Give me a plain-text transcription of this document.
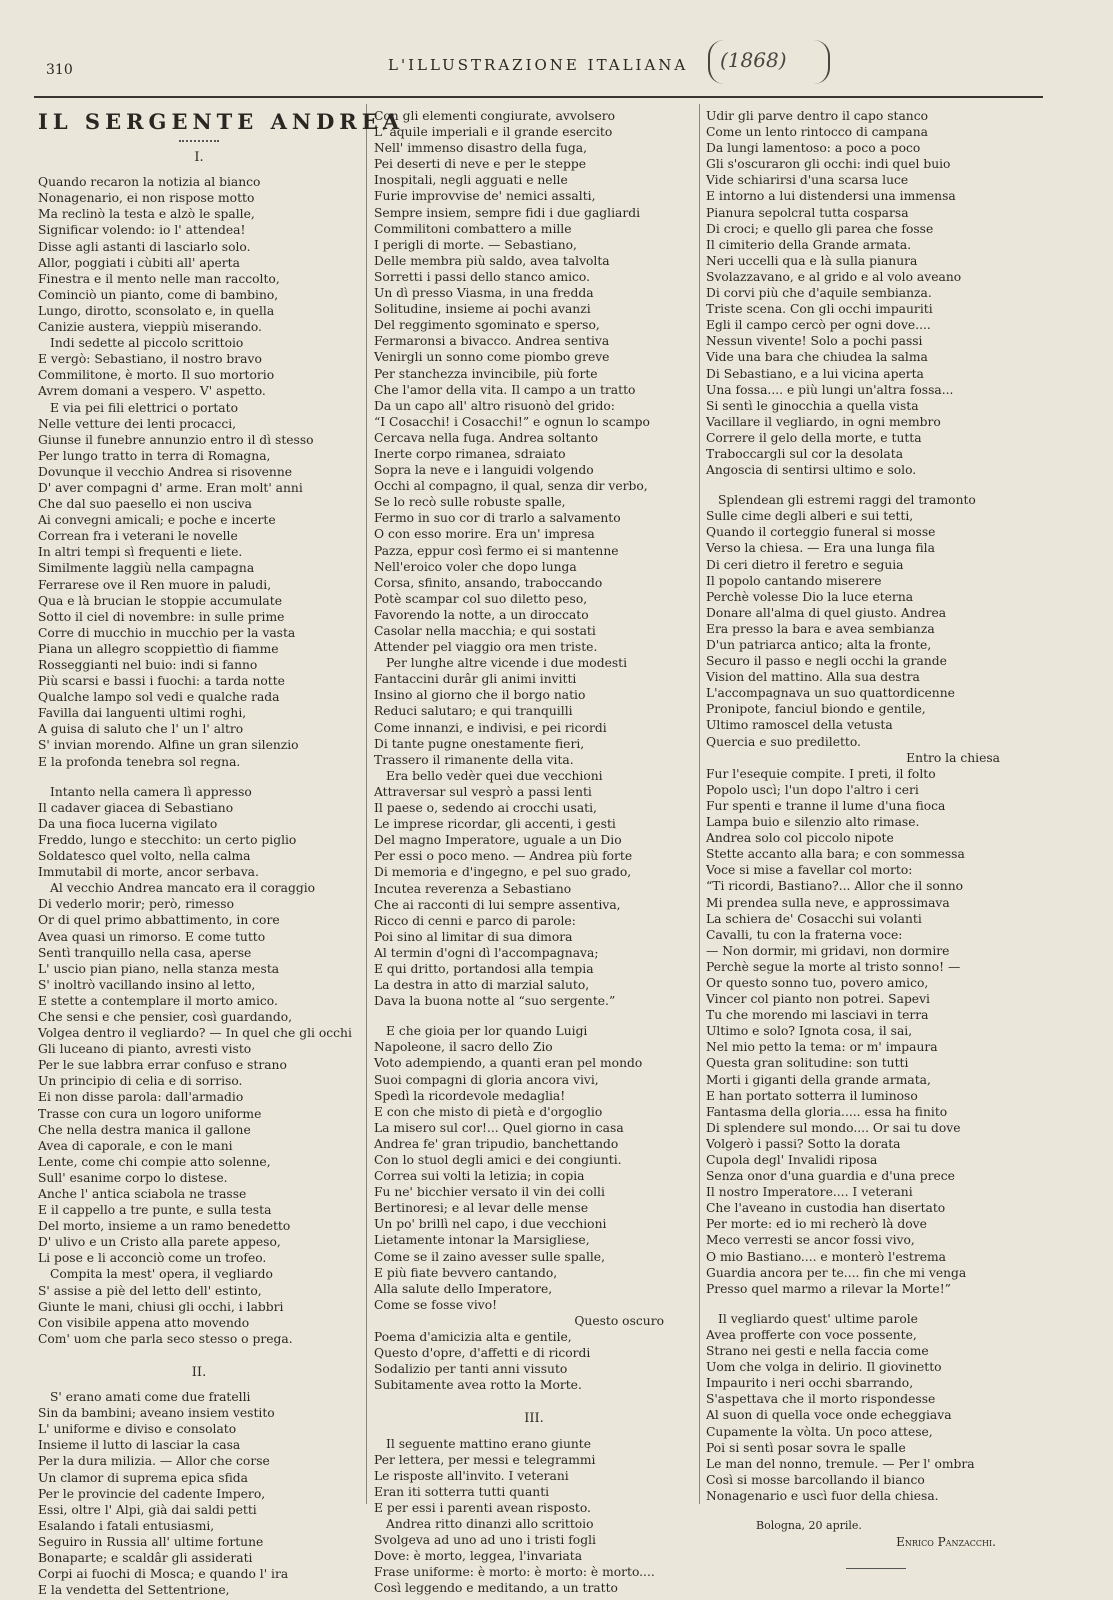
310	L'ILLUSTRAZIONE ITALIANA (1868)
IL SERGENTE ANDREA
I.

Quando recaron la notizia al bianco

Nonagenario, ei non rispose motto

Ma reclinò la testa e alzò le spalle,

Significar volendo: io l' attendea!

Disse agli astanti di lasciarlo solo.

Allor, poggiati i cùbiti all' aperta

Finestra e il mento nelle man raccolto,

Cominciò un pianto, come di bambino,

Lungo, dirotto, sconsolato e, in quella

Canizie austera, vieppiù miserando.

Indi sedette al piccolo scrittoio

E vergò: Sebastiano, il nostro bravo

Commilitone, è morto. Il suo mortorio

Avrem domani a vespero. V' aspetto.

E via pei fili elettrici o portato

Nelle vetture dei lenti procacci,

Giunse il funebre annunzio entro il dì stesso

Per lungo tratto in terra di Romagna,

Dovunque il vecchio Andrea si risovenne

D' aver compagni d' arme. Eran molt' anni

Che dal suo paesello ei non usciva

Ai convegni amicali; e poche e incerte

Correan fra i veterani le novelle

In altri tempi sì frequenti e liete.

Similmente laggiù nella campagna

Ferrarese ove il Ren muore in paludi,

Qua e là brucian le stoppie accumulate

Sotto il ciel di novembre: in sulle prime

Corre di mucchio in mucchio per la vasta

Piana un allegro scoppiettìo di fiamme

Rosseggianti nel buio: indi si fanno

Più scarsi e bassi i fuochi: a tarda notte

Qualche lampo sol vedi e qualche rada

Favilla dai languenti ultimi roghi,

A guisa di saluto che l' un l' altro

S' invian morendo. Alfine un gran silenzio

E la profonda tenebra sol regna.

Intanto nella camera lì appresso

Il cadaver giacea di Sebastiano

Da una fioca lucerna vigilato

Freddo, lungo e stecchito: un certo piglio

Soldatesco quel volto, nella calma

Immutabil di morte, ancor serbava.

Al vecchio Andrea mancato era il coraggio

Di vederlo morir; però, rimesso

Or di quel primo abbattimento, in core

Avea quasi un rimorso. E come tutto

Sentì tranquillo nella casa, aperse

L' uscio pian piano, nella stanza mesta

S' inoltrò vacillando insino al letto,

E stette a contemplare il morto amico.

Che sensi e che pensier, così guardando,

Volgea dentro il vegliardo? — In quel che gli occhi

Gli luceano di pianto, avresti visto

Per le sue labbra errar confuso e strano

Un principio di celia e di sorriso.

Ei non disse parola: dall'armadio

Trasse con cura un logoro uniforme

Che nella destra manica il gallone

Avea di caporale, e con le mani

Lente, come chi compie atto solenne,

Sull' esanime corpo lo distese.

Anche l' antica sciabola ne trasse

E il cappello a tre punte, e sulla testa

Del morto, insieme a un ramo benedetto

D' ulivo e un Cristo alla parete appeso,

Li pose e li acconciò come un trofeo.

Compita la mest' opera, il vegliardo

S' assise a piè del letto dell' estinto,

Giunte le mani, chiusi gli occhi, i labbri

Con visibile appena atto movendo

Com' uom che parla seco stesso o prega.

II.

S' erano amati come due fratelli

Sin da bambini; aveano insiem vestito

L' uniforme e diviso e consolato

Insieme il lutto di lasciar la casa

Per la dura milizia. — Allor che corse

Un clamor di suprema epica sfida

Per le provincie del cadente Impero,

Essi, oltre l' Alpi, già dai saldi petti

Esalando i fatali entusiasmi,

Seguiro in Russia all' ultime fortune

Bonaparte; e scaldâr gli assiderati

Corpi ai fuochi di Mosca; e quando l' ira

E la vendetta del Settentrione,

Con gli elementi congiurate, avvolsero

L' aquile imperiali e il grande esercito

Nell' immenso disastro della fuga,

Pei deserti di neve e per le steppe

Inospitali, negli agguati e nelle

Furie improvvise de' nemici assalti,

Sempre insiem, sempre fidi i due gagliardi

Commilitoni combattero a mille

I perigli di morte. — Sebastiano,

Delle membra più saldo, avea talvolta

Sorretti i passi dello stanco amico.

Un dì presso Viasma, in una fredda

Solitudine, insieme ai pochi avanzi

Del reggimento sgominato e sperso,

Fermaronsi a bivacco. Andrea sentiva

Venirgli un sonno come piombo greve

Per stanchezza invincibile, più forte

Che l'amor della vita. Il campo a un tratto

Da un capo all' altro risuonò del grido:

“I Cosacchi! i Cosacchi!” e ognun lo scampo

Cercava nella fuga. Andrea soltanto

Inerte corpo rimanea, sdraiato

Sopra la neve e i languidi volgendo

Occhi al compagno, il qual, senza dir verbo,

Se lo recò sulle robuste spalle,

Fermo in suo cor di trarlo a salvamento

O con esso morire. Era un' impresa

Pazza, eppur così fermo ei si mantenne

Nell'eroico voler che dopo lunga

Corsa, sfinito, ansando, traboccando

Potè scampar col suo diletto peso,

Favorendo la notte, a un diroccato

Casolar nella macchia; e qui sostati

Attender pel viaggio ora men triste.

Per lunghe altre vicende i due modesti

Fantaccini durâr gli animi invitti

Insino al giorno che il borgo natio

Reduci salutaro; e qui tranquilli

Come innanzi, e indivisi, e pei ricordi

Di tante pugne onestamente fieri,

Trassero il rimanente della vita.

Era bello vedèr quei due vecchioni

Attraversar sul vesprò a passi lenti

Il paese o, sedendo ai crocchi usati,

Le imprese ricordar, gli accenti, i gesti

Del magno Imperatore, uguale a un Dio

Per essi o poco meno. — Andrea più forte

Di memoria e d'ingegno, e pel suo grado,

Incutea reverenza a Sebastiano

Che ai racconti di lui sempre assentiva,

Ricco di cenni e parco di parole:

Poi sino al limitar di sua dimora

Al termin d'ogni dì l'accompagnava;

E qui dritto, portandosi alla tempia

La destra in atto di marzial saluto,

Dava la buona notte al “suo sergente.”

E che gioia per lor quando Luigi

Napoleone, il sacro dello Zio

Voto adempiendo, a quanti eran pel mondo

Suoi compagni di gloria ancora vivi,

Spedì la ricordevole medaglia!

E con che misto di pietà e d'orgoglio

La misero sul cor!... Quel giorno in casa

Andrea fe' gran tripudio, banchettando

Con lo stuol degli amici e dei congiunti.

Correa sui volti la letizia; in copia

Fu ne' bicchier versato il vin dei colli

Bertinoresi; e al levar delle mense

Un po' brillì nel capo, i due vecchioni

Lietamente intonar la Marsigliese,

Come se il zaino avesser sulle spalle,

E più fiate bevvero cantando,

Alla salute dello Imperatore,

Come se fosse vivo!

Questo oscuro

Poema d'amicizia alta e gentile,

Questo d'opre, d'affetti e di ricordi

Sodalizio per tanti anni vissuto

Subitamente avea rotto la Morte.

III.

Il seguente mattino erano giunte

Per lettera, per messi e telegrammi

Le risposte all'invito. I veterani

Eran iti sotterra tutti quanti

E per essi i parenti avean risposto.

Andrea ritto dinanzi allo scrittoio

Svolgeva ad uno ad uno i tristi fogli

Dove: è morto, leggea, l'invariata

Frase uniforme: è morto: è morto: è morto....

Così leggendo e meditando, a un tratto

Udir gli parve dentro il capo stanco

Come un lento rintocco di campana

Da lungi lamentoso: a poco a poco

Gli s'oscuraron gli occhi: indi quel buio

Vide schiarirsi d'una scarsa luce

E intorno a lui distendersi una immensa

Pianura sepolcral tutta cosparsa

Di croci; e quello gli parea che fosse

Il cimiterio della Grande armata.

Neri uccelli qua e là sulla pianura

Svolazzavano, e al grido e al volo aveano

Di corvi più che d'aquile sembianza.

Triste scena. Con gli occhi impauriti

Egli il campo cercò per ogni dove....

Nessun vivente! Solo a pochi passi

Vide una bara che chiudea la salma

Di Sebastiano, e a lui vicina aperta

Una fossa.... e più lungi un'altra fossa...

Si sentì le ginocchia a quella vista

Vacillare il vegliardo, in ogni membro

Correre il gelo della morte, e tutta

Traboccargli sul cor la desolata

Angoscia di sentirsi ultimo e solo.

Splendean gli estremi raggi del tramonto

Sulle cime degli alberi e sui tetti,

Quando il corteggio funeral si mosse

Verso la chiesa. — Era una lunga fila

Di ceri dietro il feretro e seguia

Il popolo cantando miserere

Perchè volesse Dio la luce eterna

Donare all'alma di quel giusto. Andrea

Era presso la bara e avea sembianza

D'un patriarca antico; alta la fronte,

Securo il passo e negli occhi la grande

Vision del mattino. Alla sua destra

L'accompagnava un suo quattordicenne

Pronipote, fanciul biondo e gentile,

Ultimo ramoscel della vetusta

Quercia e suo prediletto.

Entro la chiesa

Fur l'esequie compite. I preti, il folto

Popolo uscì; l'un dopo l'altro i ceri

Fur spenti e tranne il lume d'una fioca

Lampa buio e silenzio alto rimase.

Andrea solo col piccolo nipote

Stette accanto alla bara; e con sommessa

Voce si mise a favellar col morto:

“Ti ricordi, Bastiano?... Allor che il sonno

Mi prendea sulla neve, e approssimava

La schiera de' Cosacchi sui volanti

Cavalli, tu con la fraterna voce:

— Non dormir, mi gridavi, non dormire

Perchè segue la morte al tristo sonno! —

Or questo sonno tuo, povero amico,

Vincer col pianto non potrei. Sapevi

Tu che morendo mi lasciavi in terra

Ultimo e solo? Ignota cosa, il sai,

Nel mio petto la tema: or m' impaura

Questa gran solitudine: son tutti

Morti i giganti della grande armata,

E han portato sotterra il luminoso

Fantasma della gloria..... essa ha finito

Di splendere sul mondo.... Or sai tu dove

Volgerò i passi? Sotto la dorata

Cupola degl' Invalidi riposa

Senza onor d'una guardia e d'una prece

Il nostro Imperatore.... I veterani

Che l'aveano in custodia han disertato

Per morte: ed io mi recherò là dove

Meco verresti se ancor fossi vivo,

O mio Bastiano.... e monterò l'estrema

Guardia ancora per te.... fin che mi venga

Presso quel marmo a rilevar la Morte!”

Il vegliardo quest' ultime parole

Avea profferte con voce possente,

Strano nei gesti e nella faccia come

Uom che volga in delirio. Il giovinetto

Impaurito i neri occhi sbarrando,

S'aspettava che il morto rispondesse

Al suon di quella voce onde echeggiava

Cupamente la vòlta. Un poco attese,

Poi si sentì posar sovra le spalle

Le man del nonno, tremule. — Per l' ombra

Così si mosse barcollando il bianco

Nonagenario e uscì fuor della chiesa.

Bologna, 20 aprile.
Enrico Panzacchi.
